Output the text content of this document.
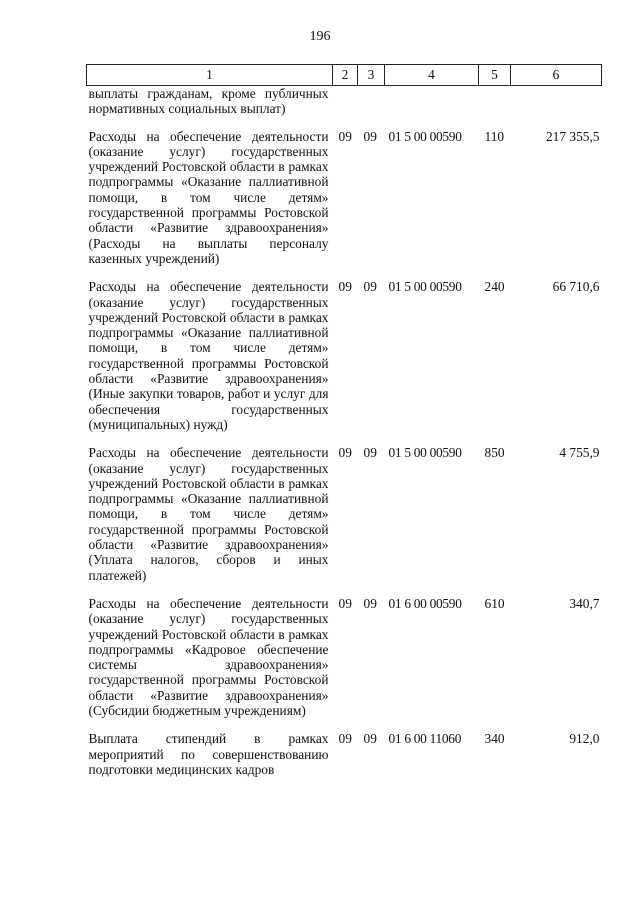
196
1	2	3	4	5	6
выплаты гражданам, кроме публичных нормативных социальных выплат)					
Расходы на обеспечение деятельности (оказание услуг) государственных учреждений Ростовской области в рамках подпрограммы «Оказание паллиативной помощи, в том числе детям» государственной программы Ростовской области «Развитие здравоохранения» (Расходы на выплаты персоналу казенных учреждений)	09	09	01 5 00 00590	110	217 355,5
Расходы на обеспечение деятельности (оказание услуг) государственных учреждений Ростовской области в рамках подпрограммы «Оказание паллиативной помощи, в том числе детям» государственной программы Ростовской области «Развитие здравоохранения» (Иные закупки товаров, работ и услуг для обеспечения государственных (муниципальных) нужд)	09	09	01 5 00 00590	240	66 710,6
Расходы на обеспечение деятельности (оказание услуг) государственных учреждений Ростовской области в рамках подпрограммы «Оказание паллиативной помощи, в том числе детям» государственной программы Ростовской области «Развитие здравоохранения» (Уплата налогов, сборов и иных платежей)	09	09	01 5 00 00590	850	4 755,9
Расходы на обеспечение деятельности (оказание услуг) государственных учреждений Ростовской области в рамках подпрограммы «Кадровое обеспечение системы здравоохранения» государственной программы Ростовской области «Развитие здравоохранения» (Субсидии бюджетным учреждениям)	09	09	01 6 00 00590	610	340,7
Выплата стипендий в рамках мероприятий по совершенствованию подготовки медицинских кадров	09	09	01 6 00 11060	340	912,0
